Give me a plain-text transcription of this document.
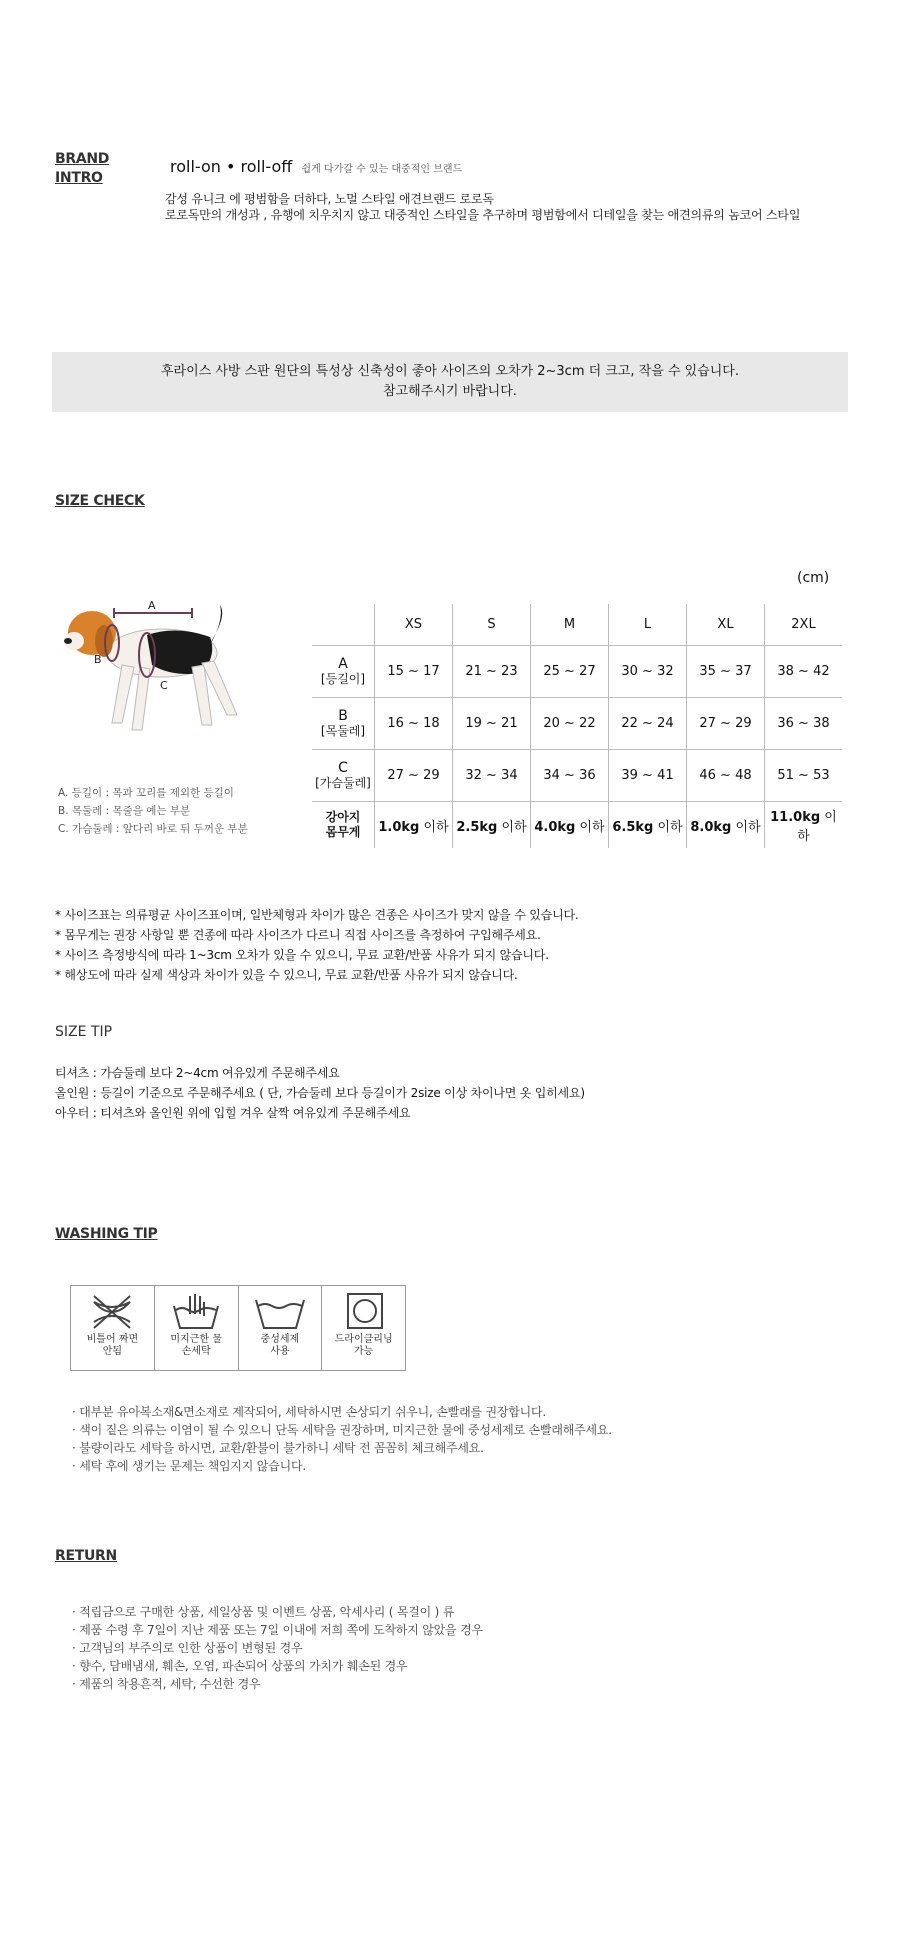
BRAND
INTRO
roll-on • roll-off 쉽게 다가갈 수 있는 대중적인 브랜드
감성 유니크 에 평범함을 더하다, 노멀 스타일 애견브랜드 로로독
로로독만의 개성과 , 유행에 치우치지 않고 대중적인 스타일을 추구하며 평범함에서 디테일을 찾는 애견의류의 놈코어 스타일
후라이스 사방 스판 원단의 특성상 신축성이 좋아 사이즈의 오차가 2~3cm 더 크고, 작을 수 있습니다.
참고해주시기 바랍니다.
SIZE CHECK
(cm)
A
B
C
A. 등길이 : 목과 꼬리를 제외한 등길이
B. 목둘레 : 목줄을 예는 부분
C. 가슴둘레 : 앞다리 바로 뒤 두꺼운 부분
	XS	S	M	L	XL	2XL

A
[등길이]	15 ~ 17	21 ~ 23	25 ~ 27	30 ~ 32	35 ~ 37	38 ~ 42

B
[목둘레]	16 ~ 18	19 ~ 21	20 ~ 22	22 ~ 24	27 ~ 29	36 ~ 38

C
[가슴둘레]	27 ~ 29	32 ~ 34	34 ~ 36	39 ~ 41	46 ~ 48	51 ~ 53

강아지
몸무게	1.0kg 이하	2.5kg 이하	4.0kg 이하	6.5kg 이하	8.0kg 이하	11.0kg 이하
* 사이즈표는 의류평균 사이즈표이며, 일반체형과 차이가 많은 견종은 사이즈가 맞지 않을 수 있습니다.
* 몸무게는 권장 사항일 뿐 견종에 따라 사이즈가 다르니 직접 사이즈를 측정하여 구입해주세요.
* 사이즈 측정방식에 따라 1~3cm 오차가 있을 수 있으니, 무료 교환/반품 사유가 되지 않습니다.
* 해상도에 따라 실제 색상과 차이가 있을 수 있으니, 무료 교환/반품 사유가 되지 않습니다.
SIZE TIP
티셔츠 : 가슴둘레 보다 2~4cm 여유있게 주문해주세요
올인원 : 등길이 기준으로 주문해주세요 ( 단, 가슴둘레 보다 등길이가 2size 이상 차이나면 옷 입히세요)
아우터 : 티셔츠와 올인원 위에 입힐 겨우 살짝 여유있게 주문해주세요
WASHING TIP
비틀어 짜면
안됨
미지근한 물
손세탁
중성세제
사용
드라이클리닝
가능
· 대부분 유아복소재&면소재로 제작되어, 세탁하시면 손상되기 쉬우니, 손빨래를 권장합니다.
· 색이 짙은 의류는 이염이 될 수 있으니 단독 세탁을 권장하며, 미지근한 물에 중성세제로 손빨래해주세요.
· 불량이라도 세탁을 하시면, 교환/환불이 불가하니 세탁 전 꼼꼼히 체크해주세요.
· 세탁 후에 생기는 문제는 책임지지 않습니다.
RETURN
· 적립금으로 구매한 상품, 세일상품 및 이벤트 상품, 악세사리 ( 목걸이 ) 류
· 제품 수령 후 7일이 지난 제품 또는 7일 이내에 저희 쪽에 도착하지 않았을 경우
· 고객님의 부주의로 인한 상품이 변형된 경우
· 향수, 담배냄새, 훼손, 오염, 파손되어 상품의 가치가 훼손된 경우
· 제품의 착용흔적, 세탁, 수선한 경우
